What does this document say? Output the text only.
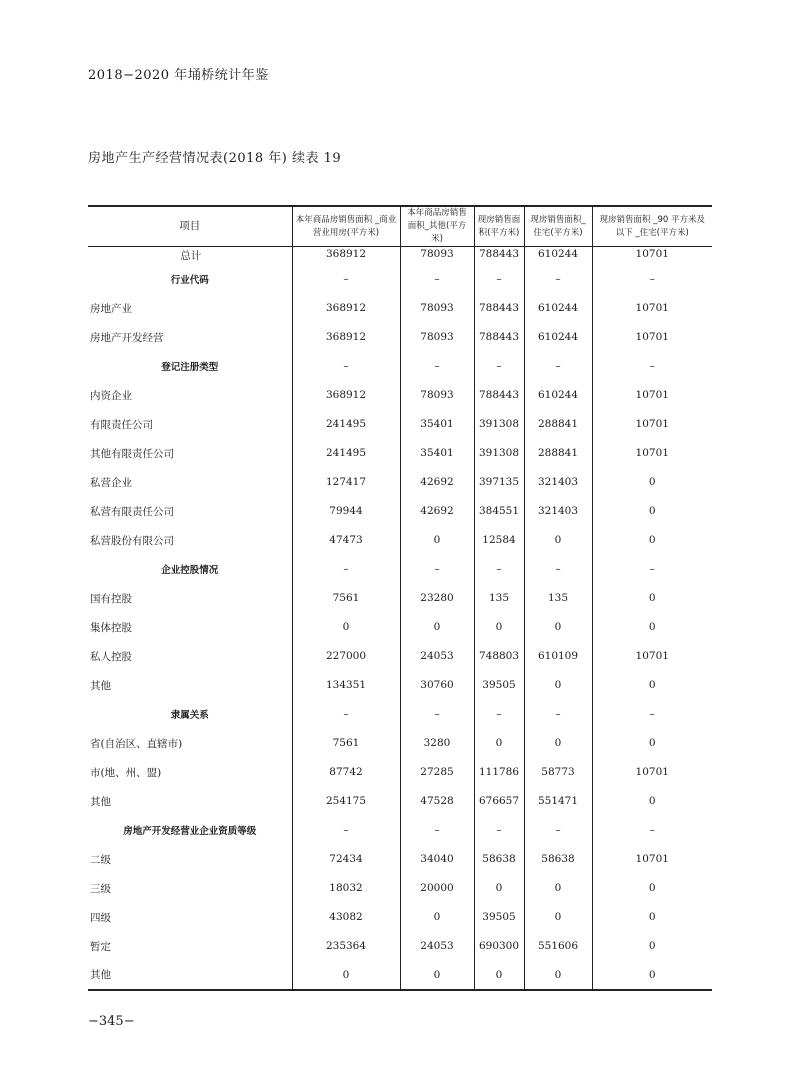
2018−2020 年埇桥统计年鉴
房地产生产经营情况表(2018 年) 续表 19
项目	本年商品房销售面积 _商业营业用房(平方米)	本年商品房销售面积_其他(平方米)	现房销售面积(平方米)	现房销售面积_住宅(平方米)	现房销售面积 _90 平方米及以下 _住宅(平方米)
总计	368912	78093	788443	610244	10701
行业代码	–	–	–	–	–
房地产业	368912	78093	788443	610244	10701
房地产开发经营	368912	78093	788443	610244	10701
登记注册类型	–	–	–	–	–
内资企业	368912	78093	788443	610244	10701
有限责任公司	241495	35401	391308	288841	10701
其他有限责任公司	241495	35401	391308	288841	10701
私营企业	127417	42692	397135	321403	0
私营有限责任公司	79944	42692	384551	321403	0
私营股份有限公司	47473	0	12584	0	0
企业控股情况	–	–	–	–	–
国有控股	7561	23280	135	135	0
集体控股	0	0	0	0	0
私人控股	227000	24053	748803	610109	10701
其他	134351	30760	39505	0	0
隶属关系	–	–	–	–	–
省(自治区、直辖市)	7561	3280	0	0	0
市(地、州、盟)	87742	27285	111786	58773	10701
其他	254175	47528	676657	551471	0
房地产开发经营业企业资质等级	–	–	–	–	–
二级	72434	34040	58638	58638	10701
三级	18032	20000	0	0	0
四级	43082	0	39505	0	0
暂定	235364	24053	690300	551606	0
其他	0	0	0	0	0
−345−
